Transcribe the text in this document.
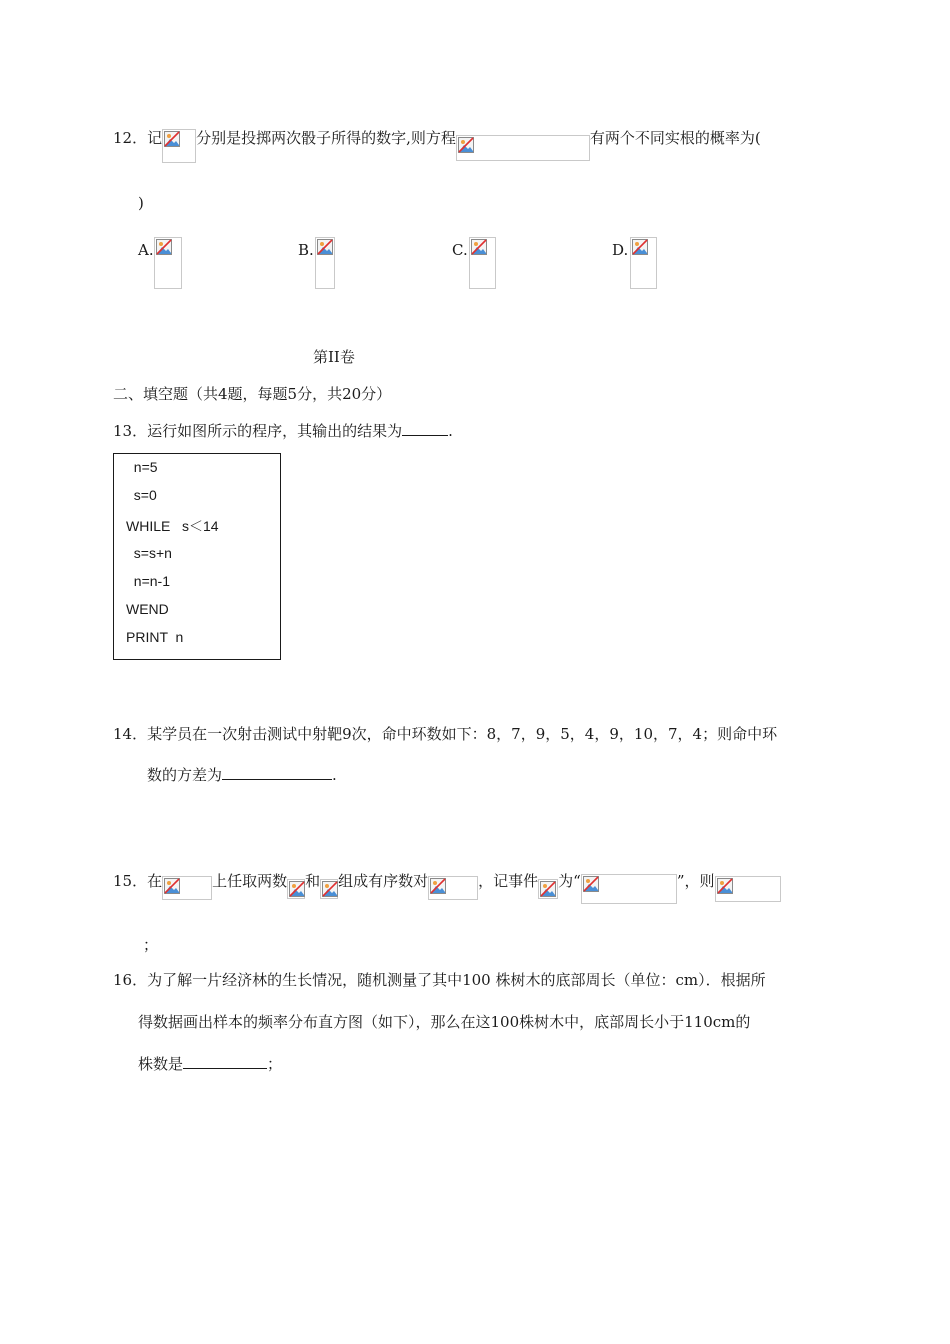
12．记 分别是投掷两次骰子所得的数字,则方程	有两个不同实根的概率为(
)
A.	B.	C.	D.
第II卷
二、填空题（共4题，每题5分，共20分）
13．运行如图所示的程序，其输出的结果为	.
n=5
s=0
WHILE   s＜14
s=s+n
n=n-1
WEND
PRINT  n
14．某学员在一次射击测试中射靶9次，命中环数如下：8，7，9，5，4，9，10，7，4；则命中环
数的方差为	.
15．在	上任取两数 和 组成有序数对	，记事件 为“	”，则
；
16．为了解一片经济林的生长情况，随机测量了其中100 株树木的底部周长（单位：cm）．根据所
得数据画出样本的频率分布直方图（如下），那么在这100株树木中，底部周长小于110cm的
株数是	；
